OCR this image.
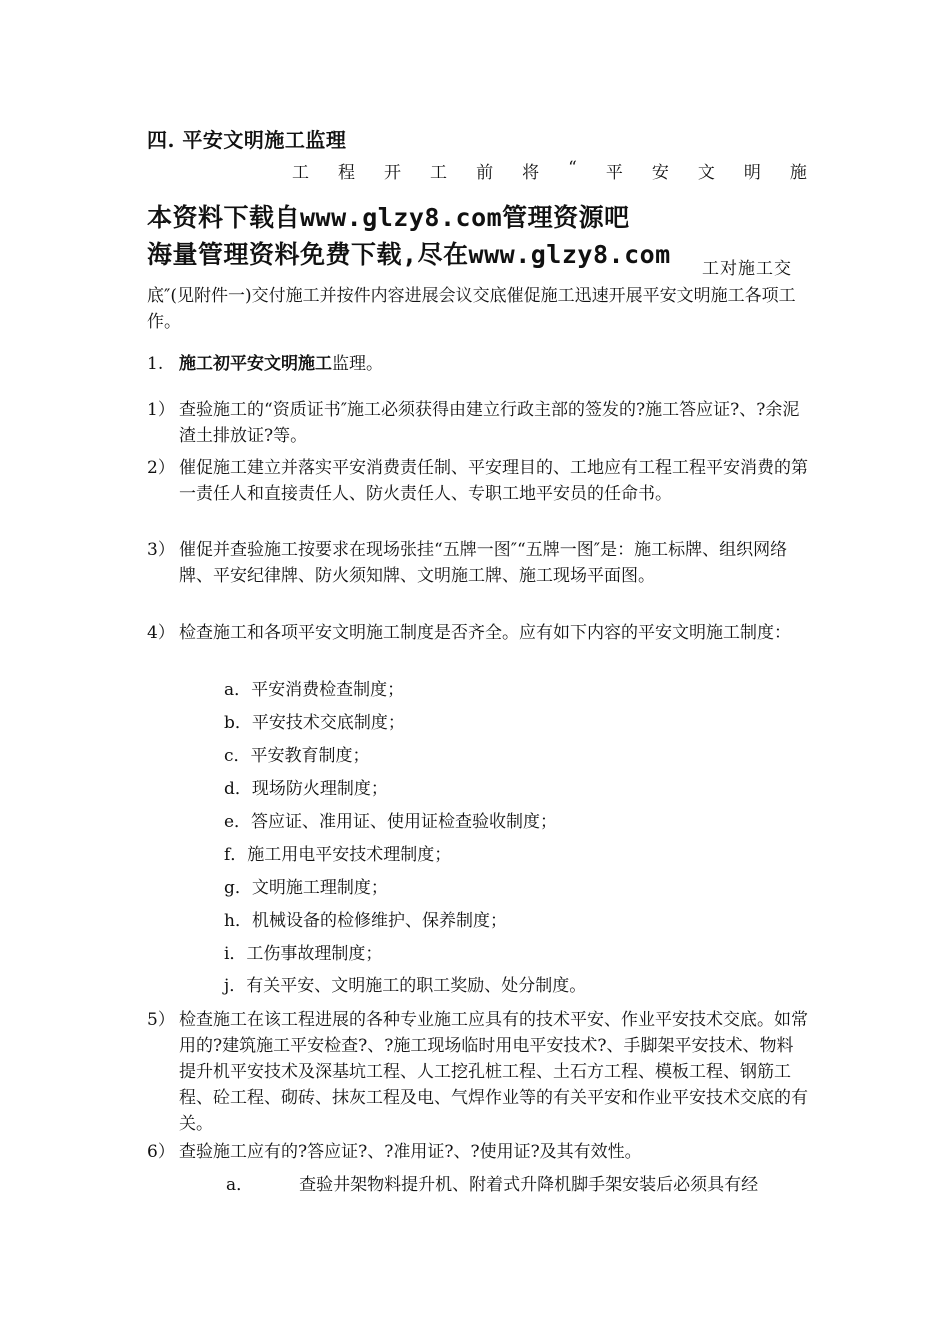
四. 平安文明施工监理
工 程 开 工 前 将 “ 平 安 文 明 施
本资料下载自www.glzy8.com管理资源吧
海量管理资料免费下载,尽在www.glzy8.com 工对施工交
底″(见附件一)交付施工并按件内容进展会议交底催促施工迅速开展平安文明施工各项工作。
1. 施工初平安文明施工监理。
1） 查验施工的“资质证书″施工必须获得由建立行政主部的签发的?施工答应证?、?余泥渣土排放证?等。
2） 催促施工建立并落实平安消费责任制、平安理目的、工地应有工程工程平安消费的第一责任人和直接责任人、防火责任人、专职工地平安员的任命书。
3） 催促并查验施工按要求在现场张挂“五牌一图″“五牌一图″是：施工标牌、组织网络牌、平安纪律牌、防火须知牌、文明施工牌、施工现场平面图。
4） 检查施工和各项平安文明施工制度是否齐全。应有如下内容的平安文明施工制度：
a．平安消费检查制度；
b．平安技术交底制度；
c．平安教育制度；
d．现场防火理制度；
e．答应证、准用证、使用证检查验收制度；
f．施工用电平安技术理制度；
g．文明施工理制度；
h．机械设备的检修维护、保养制度；
i．工伤事故理制度；
j．有关平安、文明施工的职工奖励、处分制度。
5） 检查施工在该工程进展的各种专业施工应具有的技术平安、作业平安技术交底。如常用的?建筑施工平安检查?、?施工现场临时用电平安技术?、手脚架平安技术、物料提升机平安技术及深基坑工程、人工挖孔桩工程、土石方工程、模板工程、钢筋工程、砼工程、砌砖、抹灰工程及电、气焊作业等的有关平安和作业平安技术交底的有关。
6） 查验施工应有的?答应证?、?准用证?、?使用证?及其有效性。
a．	查验井架物料提升机、附着式升降机脚手架安装后必须具有经
